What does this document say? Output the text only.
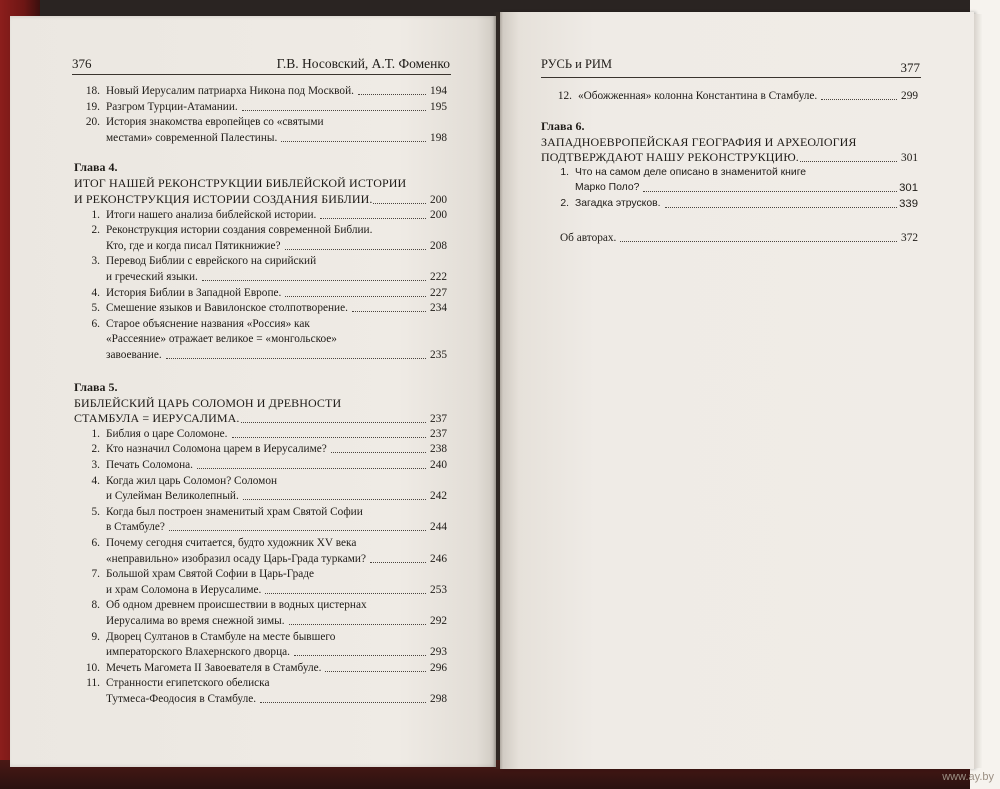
376	Г.В. Носовский, А.Т. Фоменко	РУСЬ и РИМ	377
18. Новый Иерусалим патриарха Никона под Москвой.	194
19. Разгром Турции-Атамании.	195
20. История знакомства европейцев со «святыми
местами» современной Палестины.	198
Глава 4.
ИТОГ НАШЕЙ РЕКОНСТРУКЦИИ БИБЛЕЙСКОЙ ИСТОРИИ
И РЕКОНСТРУКЦИЯ ИСТОРИИ СОЗДАНИЯ БИБЛИИ.	200
1. Итоги нашего анализа библейской истории.	200
2. Реконструкция истории создания современной Библии.
Кто, где и когда писал Пятикнижие?	208
3. Перевод Библии с еврейского на сирийский
и греческий языки.	222
4. История Библии в Западной Европе.	227
5. Смешение языков и Вавилонское столпотворение.	234
6. Старое объяснение названия «Россия» как
«Рассеяние» отражает великое = «монгольское»
завоевание.	235
Глава 5.
БИБЛЕЙСКИЙ ЦАРЬ СОЛОМОН И ДРЕВНОСТИ
СТАМБУЛА = ИЕРУСАЛИМА.	237
1. Библия о царе Соломоне.	237
2. Кто назначил Соломона царем в Иерусалиме?	238
3. Печать Соломона.	240
4. Когда жил царь Соломон? Соломон
и Сулейман Великолепный.	242
5. Когда был построен знаменитый храм Святой Софии
в Стамбуле?	244
6. Почему сегодня считается, будто художник XV века
«неправильно» изобразил осаду Царь-Града турками?	246
7. Большой храм Святой Софии в Царь-Граде
и храм Соломона в Иерусалиме.	253
8. Об одном древнем происшествии в водных цистернах
Иерусалима во время снежной зимы.	292
9. Дворец Султанов в Стамбуле на месте бывшего
императорского Влахернского дворца.	293
10. Мечеть Магомета II Завоевателя в Стамбуле.	296
11. Странности египетского обелиска
Тутмеса-Феодосия в Стамбуле.	298
12. «Обожженная» колонна Константина в Стамбуле.	299
Глава 6.
ЗАПАДНОЕВРОПЕЙСКАЯ ГЕОГРАФИЯ И АРХЕОЛОГИЯ
ПОДТВЕРЖДАЮТ НАШУ РЕКОНСТРУКЦИЮ.	301
1. Что на самом деле описано в знаменитой книге
Марко Поло?	301
2. Загадка этрусков.	339
Об авторах.	372
www.ay.by
